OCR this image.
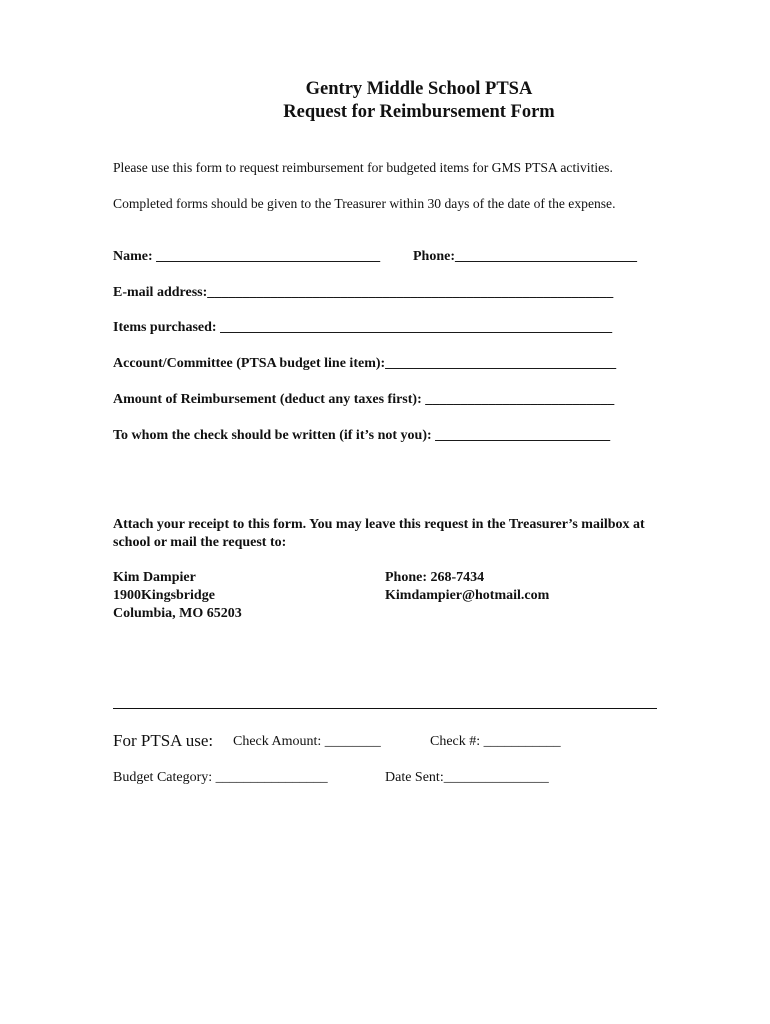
Gentry Middle School PTSA
Request for Reimbursement Form
Please use this form to request reimbursement for budgeted items for GMS PTSA activities.
Completed forms should be given to the Treasurer within 30 days of the date of the expense.
Name: ________________________________ Phone:__________________________
E-mail address:__________________________________________________________
Items purchased: ________________________________________________________
Account/Committee (PTSA budget line item):_________________________________
Amount of Reimbursement (deduct any taxes first): ___________________________
To whom the check should be written (if it’s not you): _________________________
Attach your receipt to this form. You may leave this request in the Treasurer’s mailbox at
school or mail the request to:
Kim Dampier
1900Kingsbridge
Columbia, MO 65203
Phone: 268-7434
Kimdampier@hotmail.com
For PTSA use: Check Amount: ________	Check #: ___________
Budget Category: ________________	Date Sent:_______________
